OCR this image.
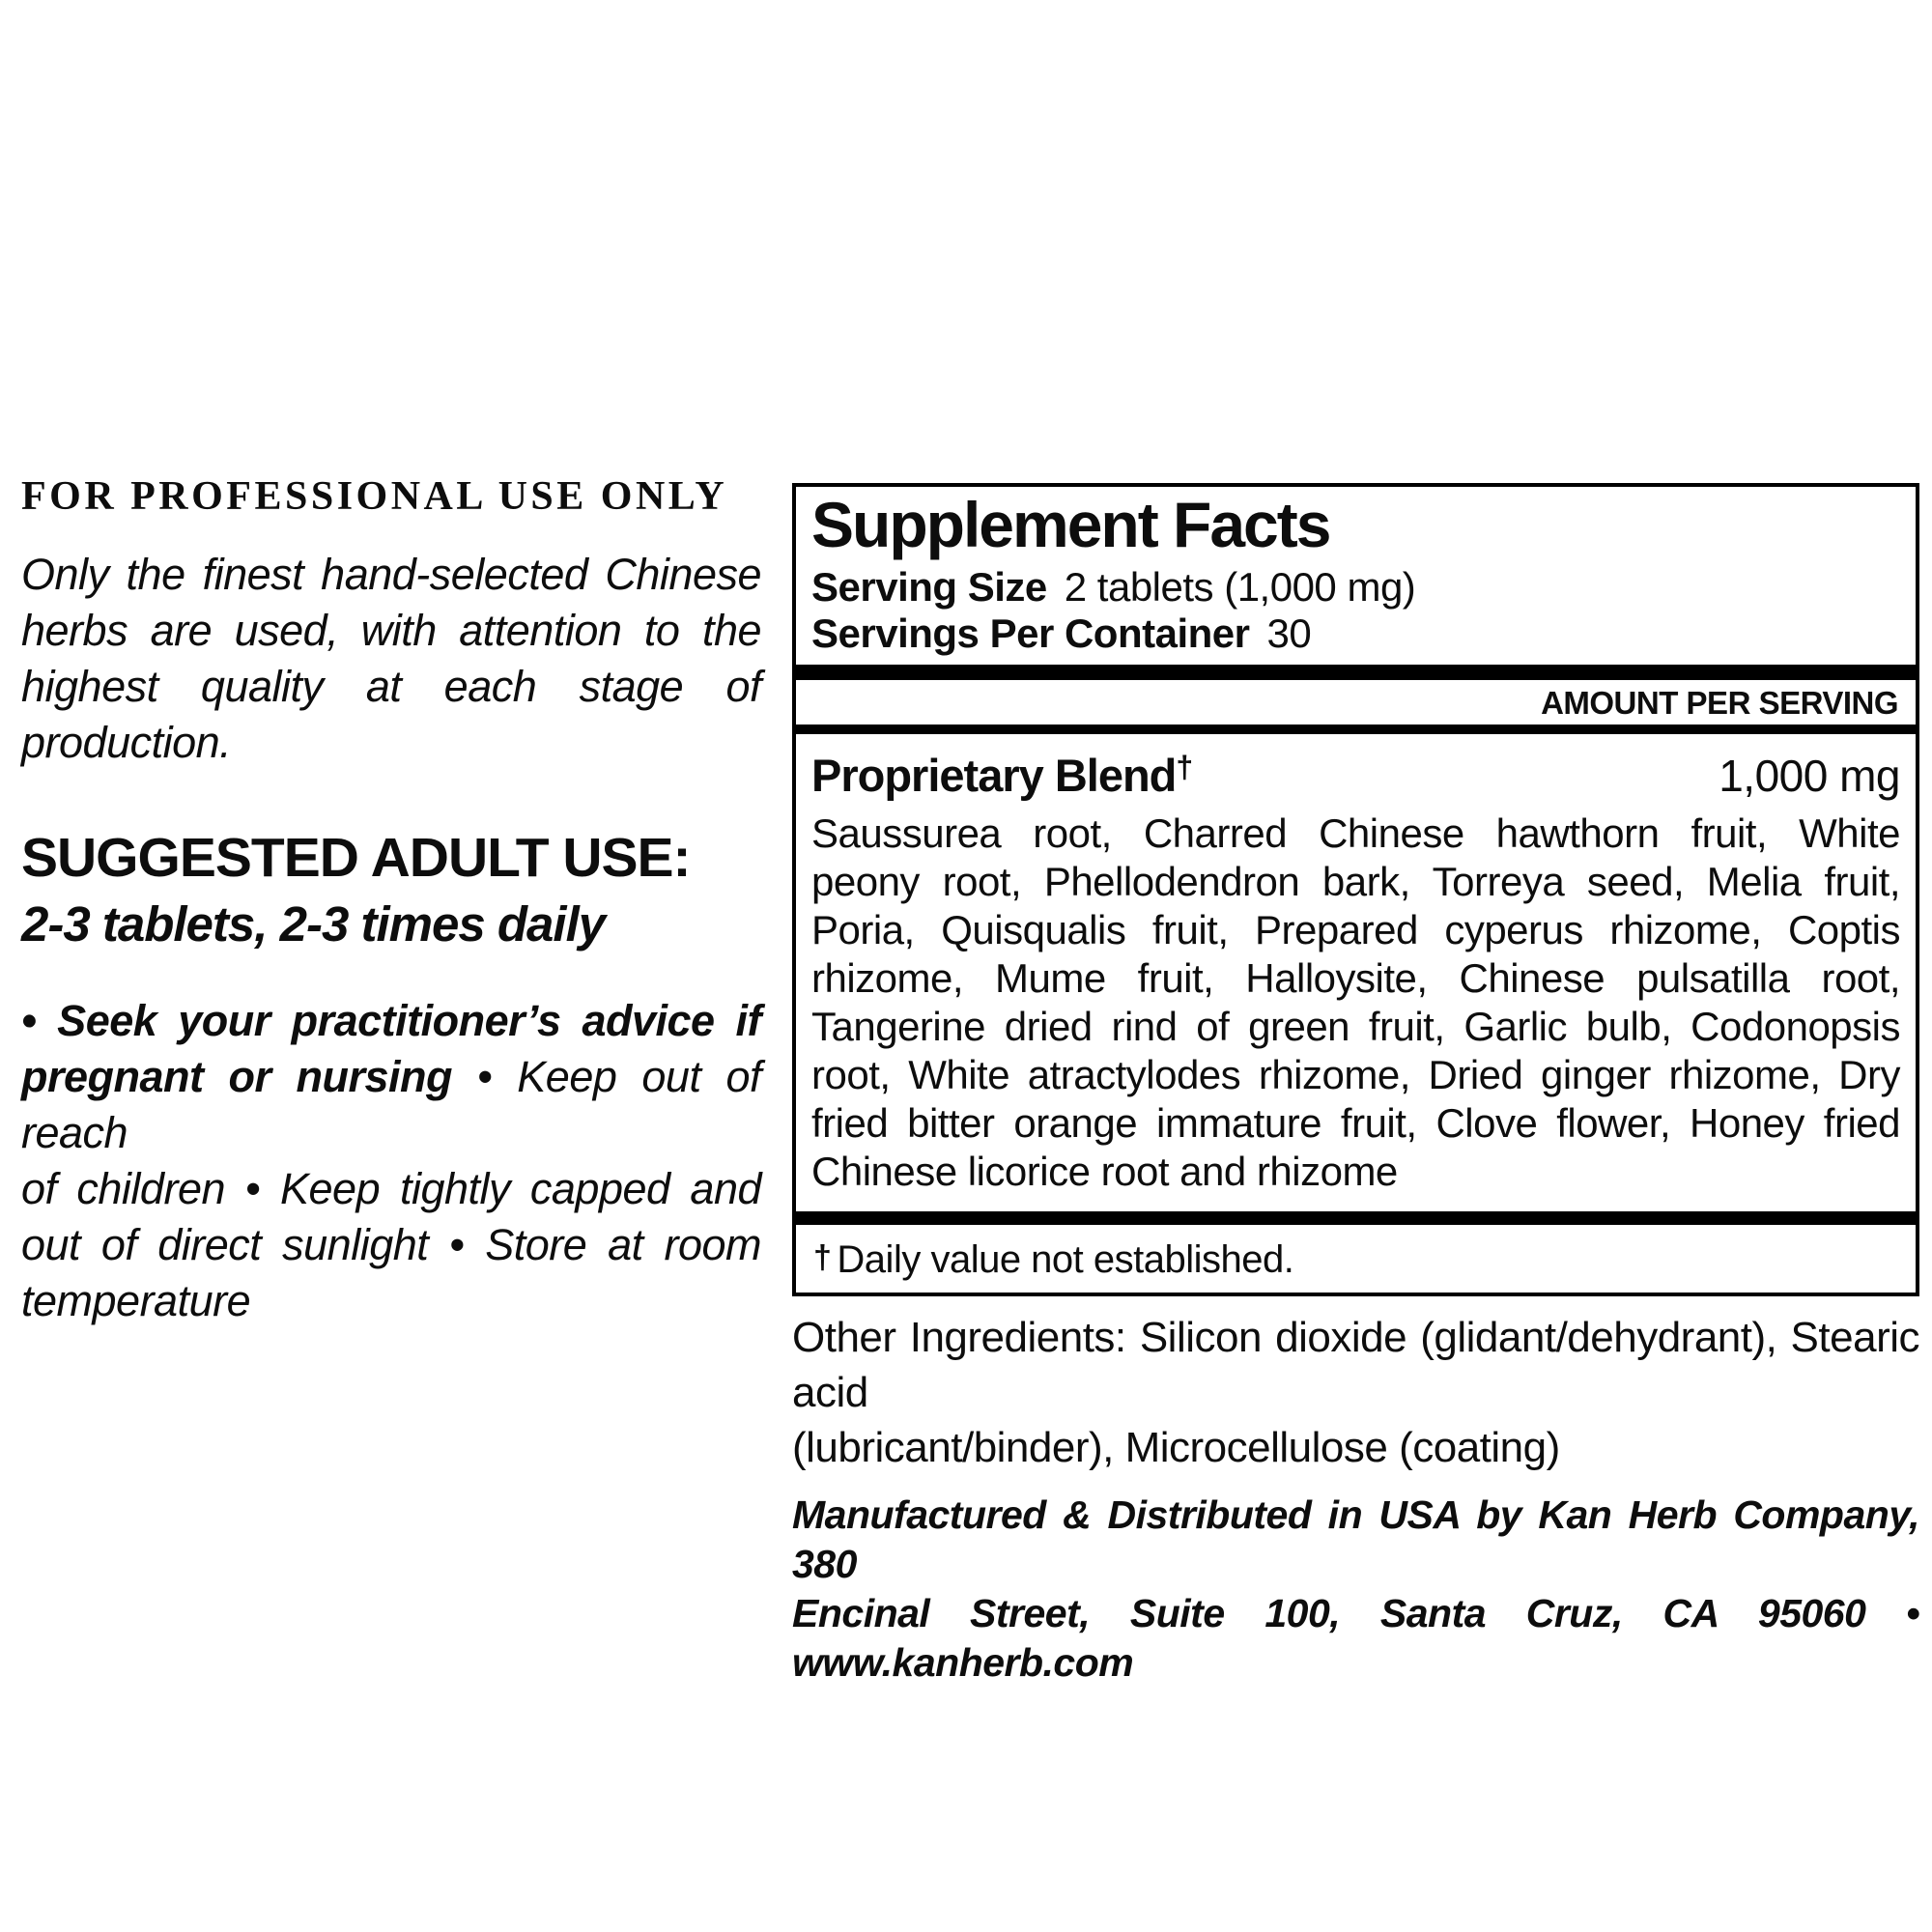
FOR PROFESSIONAL USE ONLY
Only the finest hand-selected Chinese
herbs are used, with attention to the
highest quality at each stage of
production.
SUGGESTED ADULT USE:
2-3 tablets, 2-3 times daily
• Seek your practitioner’s advice if
pregnant or nursing • Keep out of reach
of children • Keep tightly capped and
out of direct sunlight • Store at room
temperature
Supplement Facts
Serving Size 2 tablets (1,000 mg)
Servings Per Container 30
AMOUNT PER SERVING
Proprietary Blend†	1,000 mg
Saussurea root, Charred Chinese hawthorn fruit, White
peony root, Phellodendron bark, Torreya seed, Melia fruit,
Poria, Quisqualis fruit, Prepared cyperus rhizome, Coptis
rhizome, Mume fruit, Halloysite, Chinese pulsatilla root,
Tangerine dried rind of green fruit, Garlic bulb, Codonopsis
root, White atractylodes rhizome, Dried ginger rhizome, Dry
fried bitter orange immature fruit, Clove flower, Honey fried
Chinese licorice root and rhizome
† Daily value not established.
Other Ingredients: Silicon dioxide (glidant/dehydrant), Stearic acid
(lubricant/binder), Microcellulose (coating)
Manufactured & Distributed in USA by Kan Herb Company, 380
Encinal Street, Suite 100, Santa Cruz, CA 95060 • www.kanherb.com
